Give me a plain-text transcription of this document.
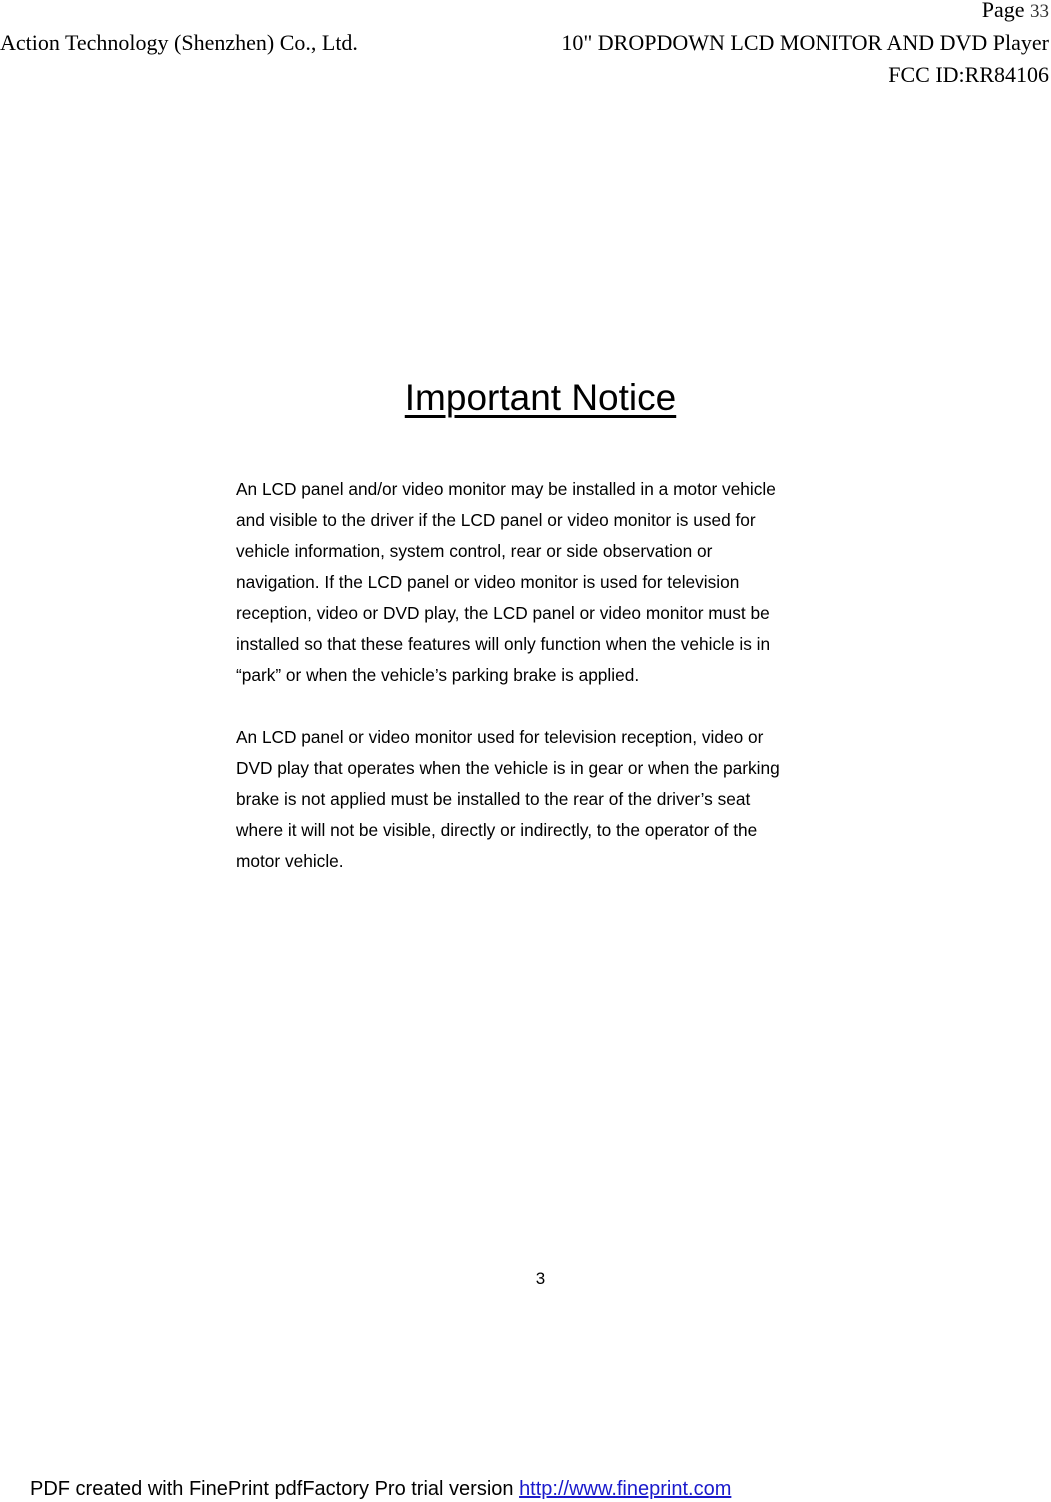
Page 33
Action Technology (Shenzhen) Co., Ltd.	10" DROPDOWN LCD MONITOR AND DVD Player
FCC ID:RR84106
Important Notice
An LCD panel and/or video monitor may be installed in a motor vehicle
and visible to the driver if the LCD panel or video monitor is used for
vehicle information, system control, rear or side observation or
navigation. If the LCD panel or video monitor is used for television
reception, video or DVD play, the LCD panel or video monitor must be
installed so that these features will only function when the vehicle is in
“park” or when the vehicle’s parking brake is applied.
An LCD panel or video monitor used for television reception, video or
DVD play that operates when the vehicle is in gear or when the parking
brake is not applied must be installed to the rear of the driver’s seat
where it will not be visible, directly or indirectly, to the operator of the
motor vehicle.
3
PDF created with FinePrint pdfFactory Pro trial version http://www.fineprint.com
